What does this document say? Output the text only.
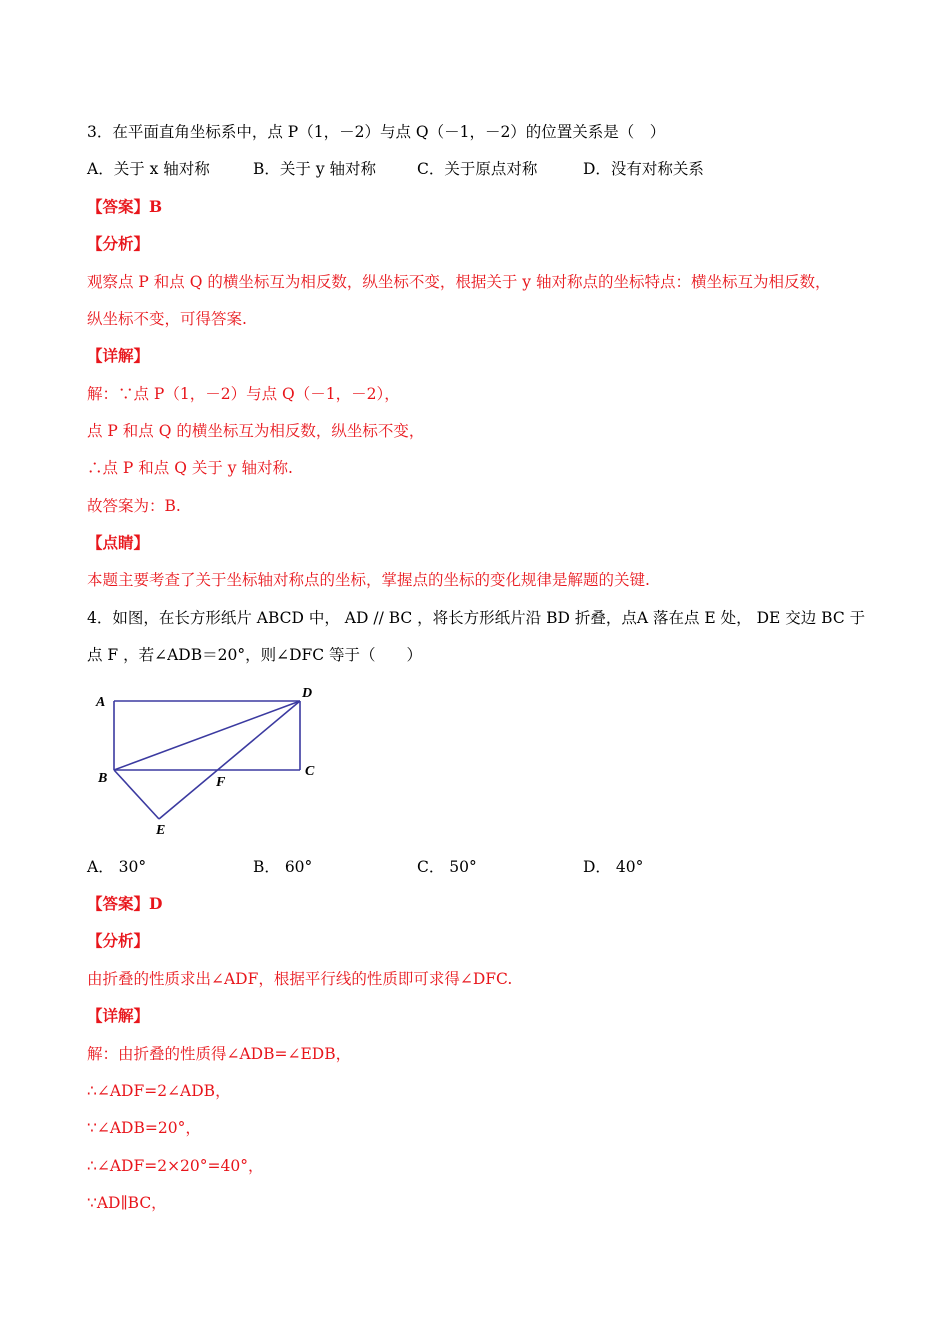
3．在平面直角坐标系中，点 P（1，－2）与点 Q（－1，－2）的位置关系是（　）
A．关于 x 轴对称	B．关于 y 轴对称	C．关于原点对称	D．没有对称关系
【答案】B
【分析】
观察点 P 和点 Q 的横坐标互为相反数，纵坐标不变，根据关于 y 轴对称点的坐标特点：横坐标互为相反数，
纵坐标不变，可得答案.
【详解】
解：∵点 P（1，－2）与点 Q（－1，－2），
点 P 和点 Q 的横坐标互为相反数，纵坐标不变，
∴点 P 和点 Q 关于 y 轴对称.
故答案为：B.
【点睛】
本题主要考查了关于坐标轴对称点的坐标，掌握点的坐标的变化规律是解题的关键.
4．如图，在长方形纸片 ABCD 中， AD // BC ，将长方形纸片沿 BD 折叠，点A 落在点 E 处， DE 交边 BC 于
点 F ，若∠ADB＝20°，则∠DFC 等于（　　）
A
D
B	C
F
E
A． 30°	B． 60°	C． 50°	D． 40°
【答案】D
【分析】
由折叠的性质求出∠ADF，根据平行线的性质即可求得∠DFC.
【详解】
解：由折叠的性质得∠ADB=∠EDB，
∴∠ADF=2∠ADB，
∵∠ADB=20°，
∴∠ADF=2×20°=40°，
∵AD∥BC，
